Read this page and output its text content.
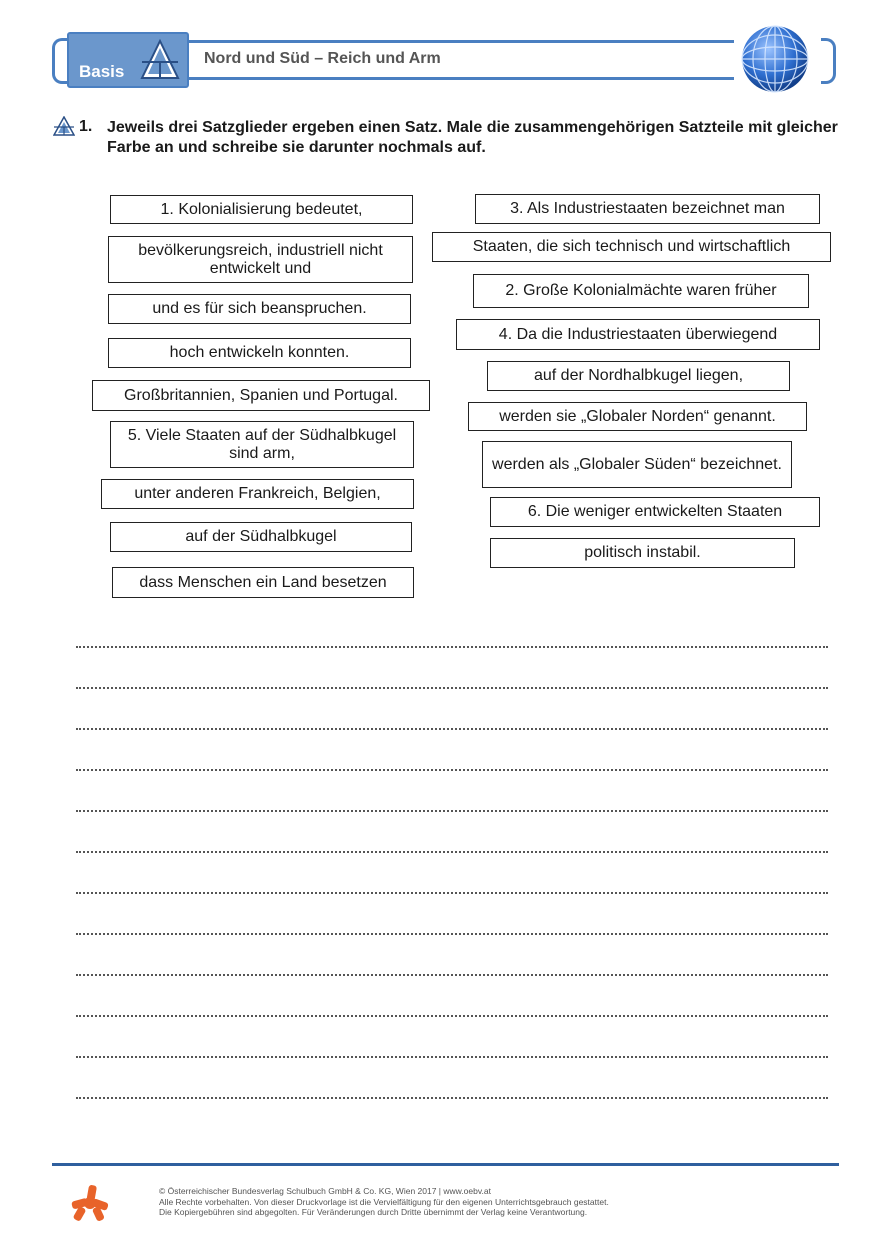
Basis
Nord und Süd – Reich und Arm
1. Jeweils drei Satzglieder ergeben einen Satz. Male die zusammengehörigen Satzteile mit gleicher Farbe an und schreibe sie darunter nochmals auf.
1. Kolonialisierung bedeutet,
bevölkerungsreich, industriell nicht entwickelt und
und es für sich beanspruchen.
hoch entwickeln konnten.
Großbritannien, Spanien und Portugal.
5. Viele Staaten auf der Südhalbkugel sind arm,
unter anderen Frankreich, Belgien,
auf der Südhalbkugel
dass Menschen ein Land besetzen
3. Als Industriestaaten bezeichnet man
Staaten, die sich technisch und wirtschaftlich
2. Große Kolonialmächte waren früher
4. Da die Industriestaaten überwiegend
auf der Nordhalbkugel liegen,
werden sie „Globaler Norden“ genannt.
werden als „Globaler Süden“ bezeichnet.
6. Die weniger entwickelten Staaten
politisch instabil.
© Österreichischer Bundesverlag Schulbuch GmbH & Co. KG, Wien 2017 | www.oebv.at
Alle Rechte vorbehalten. Von dieser Druckvorlage ist die Vervielfältigung für den eigenen Unterrichtsgebrauch gestattet.
Die Kopiergebühren sind abgegolten. Für Veränderungen durch Dritte übernimmt der Verlag keine Verantwortung.
